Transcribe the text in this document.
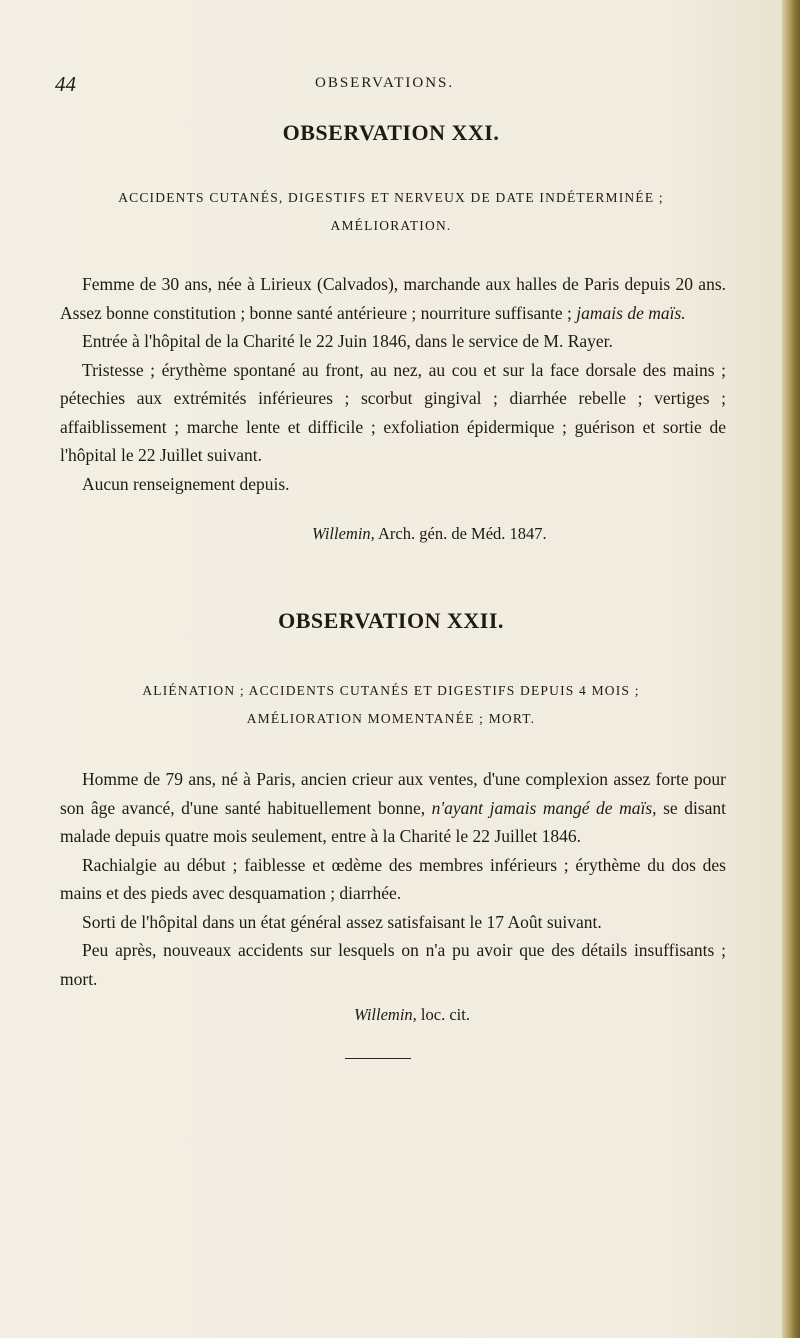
44	OBSERVATIONS.
OBSERVATION XXI.
ACCIDENTS CUTANÉS, DIGESTIFS ET NERVEUX DE DATE INDÉTERMINÉE ;
AMÉLIORATION.

Femme de 30 ans, née à Lirieux (Calvados), marchande aux halles de Paris depuis 20 ans. Assez bonne constitution ; bonne santé antérieure ; nourriture suffisante ; jamais de maïs.

Entrée à l'hôpital de la Charité le 22 Juin 1846, dans le service de M. Rayer.

Tristesse ; érythème spontané au front, au nez, au cou et sur la face dorsale des mains ; pétechies aux extrémités inférieures ; scorbut gingival ; diarrhée rebelle ; vertiges ; affaiblissement ; marche lente et difficile ; exfoliation épidermique ; guérison et sortie de l'hôpital le 22 Juillet suivant.

Aucun renseignement depuis.

Willemin, Arch. gén. de Méd. 1847.
OBSERVATION XXII.
ALIÉNATION ; ACCIDENTS CUTANÉS ET DIGESTIFS DEPUIS 4 MOIS ;
AMÉLIORATION MOMENTANÉE ; MORT.

Homme de 79 ans, né à Paris, ancien crieur aux ventes, d'une complexion assez forte pour son âge avancé, d'une santé habituellement bonne, n'ayant jamais mangé de maïs, se disant malade depuis quatre mois seulement, entre à la Charité le 22 Juillet 1846.

Rachialgie au début ; faiblesse et œdème des membres inférieurs ; érythème du dos des mains et des pieds avec desquamation ; diarrhée.

Sorti de l'hôpital dans un état général assez satisfaisant le 17 Août suivant.

Peu après, nouveaux accidents sur lesquels on n'a pu avoir que des détails insuffisants ; mort.

Willemin, loc. cit.
